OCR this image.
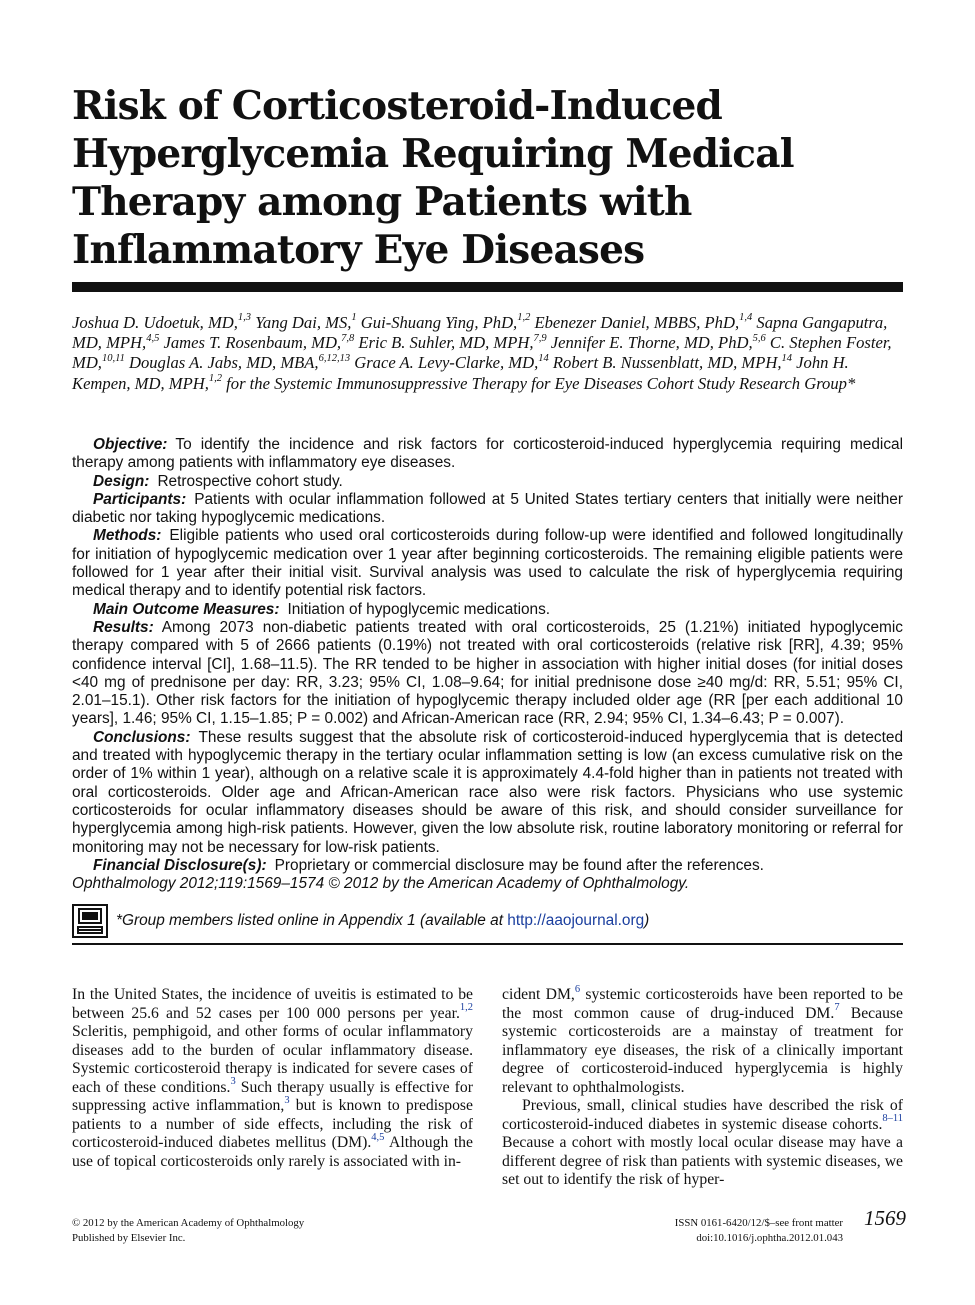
Risk of Corticosteroid-Induced Hyperglycemia Requiring Medical Therapy among Patients with Inflammatory Eye Diseases

Joshua D. Udoetuk, MD,$^{1,3}$ Yang Dai, MS,$^1$ Gui-Shuang Ying, PhD,$^{1,2}$ Ebenezer Daniel, MBBS, PhD,$^{1,4}$ Sapna Gangaputra, MD, MPH,$^{4,5}$ James T. Rosenbaum, MD,$^{7,8}$ Eric B. Suhler, MD, MPH,$^{7,9}$ Jennifer E. Thorne, MD, PhD,$^{5,6}$ C. Stephen Foster, MD,$^{10,11}$ Douglas A. Jabs, MD, MBA,$^{6,12,13}$ Grace A. Levy-Clarke, MD,$^{14}$ Robert B. Nussenblatt, MD, MPH,$^{14}$ John H. Kempen, MD, MPH,$^{1,2}$ for the Systemic Immunosuppressive Therapy for Eye Diseases Cohort Study Research Group*

Objective: To identify the incidence and risk factors for corticosteroid-induced hyperglycemia requiring medical therapy among patients with inflammatory eye diseases.

Design: Retrospective cohort study.

Participants: Patients with ocular inflammation followed at 5 United States tertiary centers that initially were neither diabetic nor taking hypoglycemic medications.

Methods: Eligible patients who used oral corticosteroids during follow-up were identified and followed longitudinally for initiation of hypoglycemic medication over 1 year after beginning corticosteroids. The remaining eligible patients were followed for 1 year after their initial visit. Survival analysis was used to calculate the risk of hyperglycemia requiring medical therapy and to identify potential risk factors.

Main Outcome Measures: Initiation of hypoglycemic medications.

Results: Among 2073 non-diabetic patients treated with oral corticosteroids, 25 (1.21%) initiated hypoglycemic therapy compared with 5 of 2666 patients (0.19%) not treated with oral corticosteroids (relative risk [RR], 4.39; 95% confidence interval [CI], 1.68–11.5). The RR tended to be higher in association with higher initial doses (for initial doses <40 mg of prednisone per day: RR, 3.23; 95% CI, 1.08–9.64; for initial prednisone dose ≥40 mg/d: RR, 5.51; 95% CI, 2.01–15.1). Other risk factors for the initiation of hypoglycemic therapy included older age (RR [per each additional 10 years], 1.46; 95% CI, 1.15–1.85; P = 0.002) and African-American race (RR, 2.94; 95% CI, 1.34–6.43; P = 0.007).

Conclusions: These results suggest that the absolute risk of corticosteroid-induced hyperglycemia that is detected and treated with hypoglycemic therapy in the tertiary ocular inflammation setting is low (an excess cumulative risk on the order of 1% within 1 year), although on a relative scale it is approximately 4.4-fold higher than in patients not treated with oral corticosteroids. Older age and African-American race also were risk factors. Physicians who use systemic corticosteroids for ocular inflammatory diseases should be aware of this risk, and should consider surveillance for hyperglycemia among high-risk patients. However, given the low absolute risk, routine laboratory monitoring or referral for monitoring may not be necessary for low-risk patients.

Financial Disclosure(s): Proprietary or commercial disclosure may be found after the references.

Ophthalmology 2012;119:1569–1574 © 2012 by the American Academy of Ophthalmology.

*Group members listed online in Appendix 1 (available at http://aaojournal.org)

In the United States, the incidence of uveitis is estimated to be between 25.6 and 52 cases per 100 000 persons per year.$^{1,2}$ Scleritis, pemphigoid, and other forms of ocular inflammatory diseases add to the burden of ocular inflammatory disease. Systemic corticosteroid therapy is indicated for severe cases of each of these conditions.$^3$ Such therapy usually is effective for suppressing active inflammation,$^3$ but is known to predispose patients to a number of side effects, including the risk of corticosteroid-induced diabetes mellitus (DM).$^{4,5}$ Although the use of topical corticosteroids only rarely is associated with in-

cident DM,$^6$ systemic corticosteroids have been reported to be the most common cause of drug-induced DM.$^7$ Because systemic corticosteroids are a mainstay of treatment for inflammatory eye diseases, the risk of a clinically important degree of corticosteroid-induced hyperglycemia is highly relevant to ophthalmologists.

Previous, small, clinical studies have described the risk of corticosteroid-induced diabetes in systemic disease cohorts.$^{8-11}$ Because a cohort with mostly local ocular disease may have a different degree of risk than patients with systemic diseases, we set out to identify the risk of hyper-

© 2012 by the American Academy of Ophthalmology
Published by Elsevier Inc.
ISSN 0161-6420/12/$–see front matter
doi:10.1016/j.ophtha.2012.01.043
1569
